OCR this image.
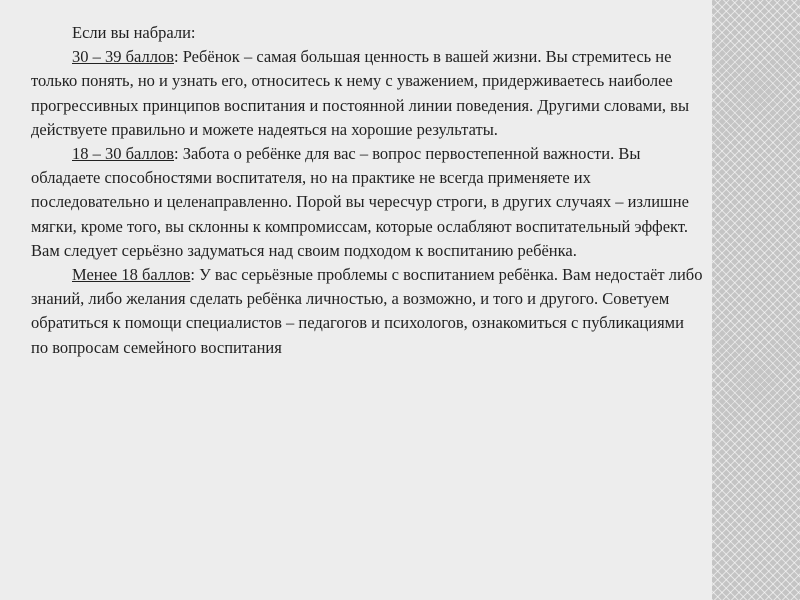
Если вы набрали:

30 – 39 баллов: Ребёнок – самая большая ценность в вашей жизни. Вы стремитесь не только понять, но и узнать его, относитесь к нему с уважением, придерживаетесь наиболее прогрессивных принципов воспитания и постоянной линии поведения. Другими словами, вы действуете правильно и можете надеяться на хорошие результаты.

18 – 30 баллов: Забота о ребёнке для вас – вопрос первостепенной важности. Вы обладаете способностями воспитателя, но на практике не всегда применяете их последовательно и целенаправленно. Порой вы чересчур строги, в других случаях – излишне мягки, кроме того, вы склонны к компромиссам, которые ослабляют воспитательный эффект. Вам следует серьёзно задуматься над своим подходом к воспитанию ребёнка.

Менее 18 баллов: У вас серьёзные проблемы с воспитанием ребёнка. Вам недостаёт либо знаний, либо желания сделать ребёнка личностью, а возможно, и того и другого. Советуем обратиться к помощи специалистов – педагогов и психологов, ознакомиться с публикациями по вопросам семейного воспитания
